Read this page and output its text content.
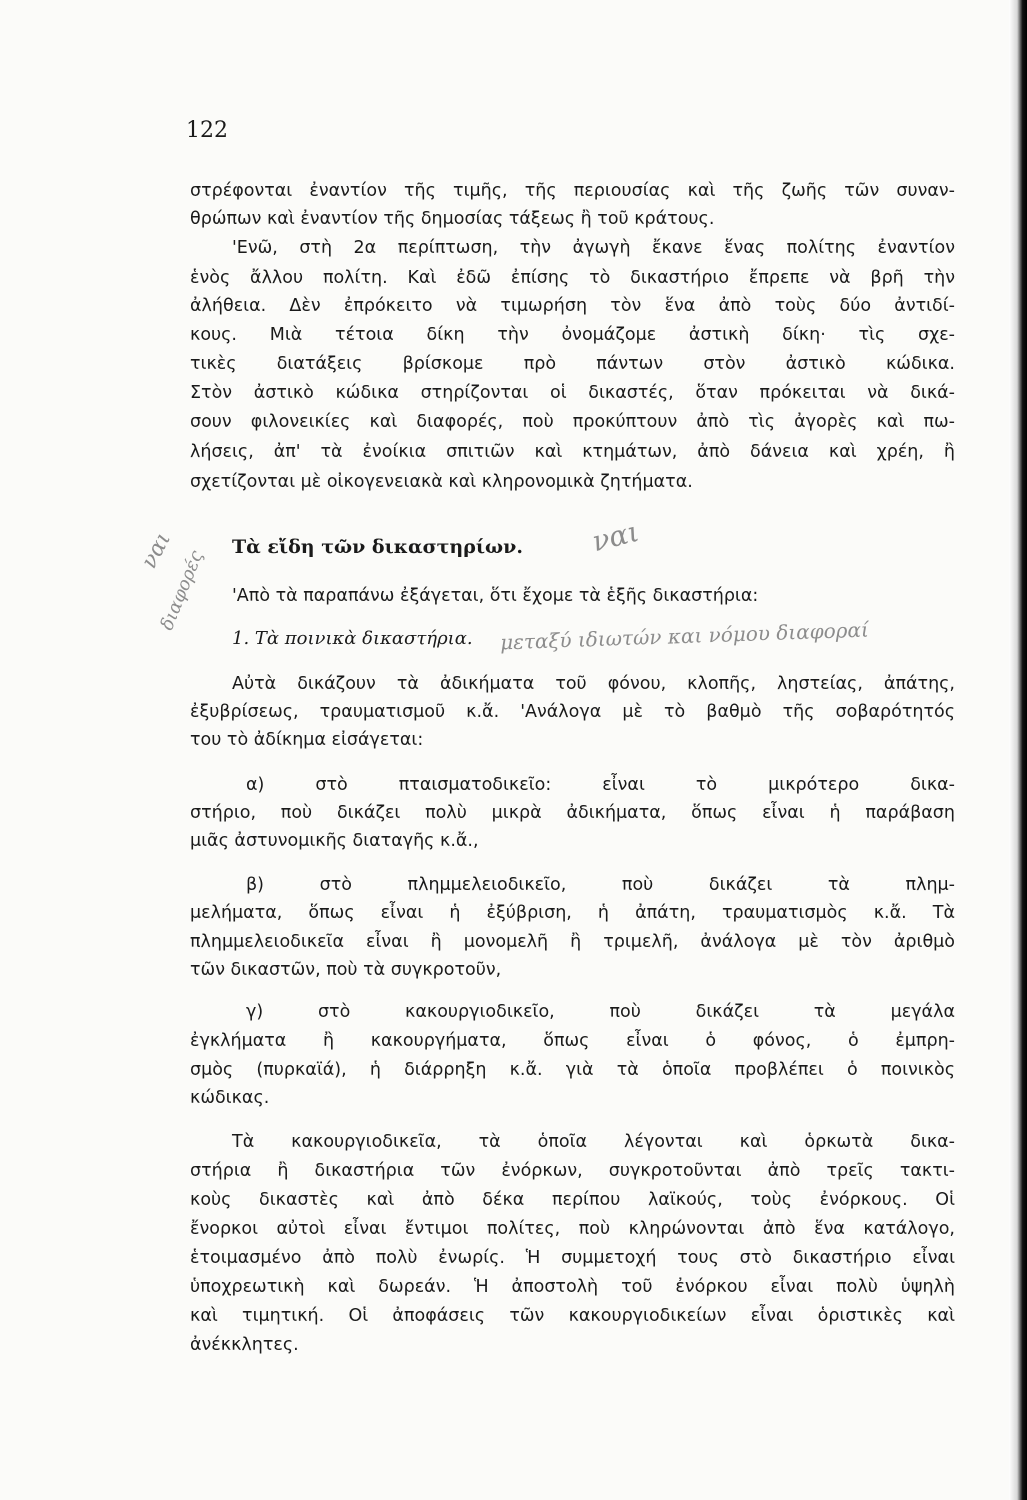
122
στρέφονται ἐναντίον τῆς τιμῆς, τῆς περιουσίας καὶ τῆς ζωῆς τῶν συναν-
θρώπων καὶ ἐναντίον τῆς δημοσίας τάξεως ἢ τοῦ κράτους.
'Ενῶ, στὴ 2α περίπτωση, τὴν ἀγωγὴ ἔκανε ἕνας πολίτης ἐναντίον
ἑνὸς ἄλλου πολίτη. Καὶ ἐδῶ ἐπίσης τὸ δικαστήριο ἔπρεπε νὰ βρῆ τὴν
ἀλήθεια. Δὲν ἐπρόκειτο νὰ τιμωρήση τὸν ἕνα ἀπὸ τοὺς δύο ἀντιδί-
κους. Μιὰ τέτοια δίκη τὴν ὀνομάζομε ἀστικὴ δίκη· τὶς σχε-
τικὲς διατάξεις βρίσκομε πρὸ πάντων στὸν ἀστικὸ κώδικα.
Στὸν ἀστικὸ κώδικα στηρίζονται οἱ δικαστές, ὅταν πρόκειται νὰ δικά-
σουν φιλονεικίες καὶ διαφορές, ποὺ προκύπτουν ἀπὸ τὶς ἀγορὲς καὶ πω-
λήσεις, ἀπ' τὰ ἐνοίκια σπιτιῶν καὶ κτημάτων, ἀπὸ δάνεια καὶ χρέη, ἢ
σχετίζονται μὲ οἰκογενειακὰ καὶ κληρονομικὰ ζητήματα.
ναι
διαφορές
ναι
Τὰ εἴδη τῶν δικαστηρίων.
'Απὸ τὰ παραπάνω ἐξάγεται, ὅτι ἔχομε τὰ ἑξῆς δικαστήρια:
1. Τὰ ποινικὰ δικαστήρια. μεταξύ ιδιωτών και νόμου διαφοραί
Αὐτὰ δικάζουν τὰ ἀδικήματα τοῦ φόνου, κλοπῆς, ληστείας, ἀπάτης,
ἐξυβρίσεως, τραυματισμοῦ κ.ἄ. 'Ανάλογα μὲ τὸ βαθμὸ τῆς σοβαρότητός
του τὸ ἀδίκημα εἰσάγεται:
α) στὸ πταισματοδικεῖο: εἶναι τὸ μικρότερο δικα-
στήριο, ποὺ δικάζει πολὺ μικρὰ ἀδικήματα, ὅπως εἶναι ἡ παράβαση
μιᾶς ἀστυνομικῆς διαταγῆς κ.ἄ.,
β) στὸ πλημμελειοδικεῖο, ποὺ δικάζει τὰ πλημ-
μελήματα, ὅπως εἶναι ἡ ἐξύβριση, ἡ ἀπάτη, τραυματισμὸς κ.ἄ. Τὰ
πλημμελειοδικεῖα εἶναι ἢ μονομελῆ ἢ τριμελῆ, ἀνάλογα μὲ τὸν ἀριθμὸ
τῶν δικαστῶν, ποὺ τὰ συγκροτοῦν,
γ) στὸ κακουργιοδικεῖο, ποὺ δικάζει τὰ μεγάλα
ἐγκλήματα ἢ κακουργήματα, ὅπως εἶναι ὁ φόνος, ὁ ἐμπρη-
σμὸς (πυρκαϊά), ἡ διάρρηξη κ.ἄ. γιὰ τὰ ὁποῖα προβλέπει ὁ ποινικὸς
κώδικας.
Τὰ κακουργιοδικεῖα, τὰ ὁποῖα λέγονται καὶ ὁρκωτὰ δικα-
στήρια ἢ δικαστήρια τῶν ἐνόρκων, συγκροτοῦνται ἀπὸ τρεῖς τακτι-
κοὺς δικαστὲς καὶ ἀπὸ δέκα περίπου λαϊκούς, τοὺς ἐνόρκους. Οἱ
ἔνορκοι αὐτοὶ εἶναι ἔντιμοι πολίτες, ποὺ κληρώνονται ἀπὸ ἕνα κατάλογο,
ἑτοιμασμένο ἀπὸ πολὺ ἐνωρίς. Ἡ συμμετοχή τους στὸ δικαστήριο εἶναι
ὑποχρεωτικὴ καὶ δωρεάν. Ἡ ἀποστολὴ τοῦ ἐνόρκου εἶναι πολὺ ὑψηλὴ
καὶ τιμητική. Οἱ ἀποφάσεις τῶν κακουργιοδικείων εἶναι ὁριστικὲς καὶ
ἀνέκκλητες.
